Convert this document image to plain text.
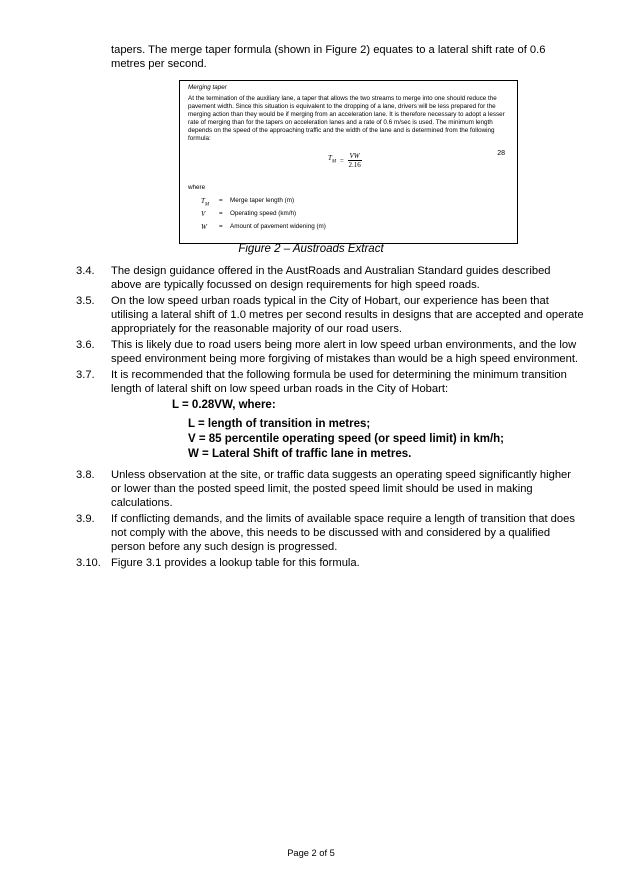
tapers. The merge taper formula (shown in Figure 2) equates to a lateral shift rate of 0.6 metres per second.
Merging taper
At the termination of the auxiliary lane, a taper that allows the two streams to merge into one should reduce the pavement width. Since this situation is equivalent to the dropping of a lane, drivers will be less prepared for the merging action than they would be if merging from an acceleration lane. It is therefore necessary to adopt a lesser rate of merging than for the tapers on acceleration lanes and a rate of 0.6 m/sec is used. The minimum length depends on the speed of the approaching traffic and the width of the lane and is determined from the following formula:
$T_M = \frac{VW}{2.16}$	28
where
$T_M$
= Merge taper length (m)
V	= Operating speed (km/h)
W	= Amount of pavement widening (m)
Figure 2 – Austroads Extract
3.4. The design guidance offered in the AustRoads and Australian Standard guides described above are typically focussed on design requirements for high speed roads.
3.5. On the low speed urban roads typical in the City of Hobart, our experience has been that utilising a lateral shift of 1.0 metres per second results in designs that are accepted and operate appropriately for the reasonable majority of our road users.
3.6. This is likely due to road users being more alert in low speed urban environments, and the low speed environment being more forgiving of mistakes than would be a high speed environment.
3.7. It is recommended that the following formula be used for determining the minimum transition length of lateral shift on low speed urban roads in the City of Hobart:
L = 0.28VW, where:
L = length of transition in metres;
V = 85 percentile operating speed (or speed limit) in km/h;
W = Lateral Shift of traffic lane in metres.
3.8. Unless observation at the site, or traffic data suggests an operating speed significantly higher or lower than the posted speed limit, the posted speed limit should be used in making calculations.
3.9. If conflicting demands, and the limits of available space require a length of transition that does not comply with the above, this needs to be discussed with and considered by a qualified person before any such design is progressed.
3.10. Figure 3.1 provides a lookup table for this formula.
Page 2 of 5
